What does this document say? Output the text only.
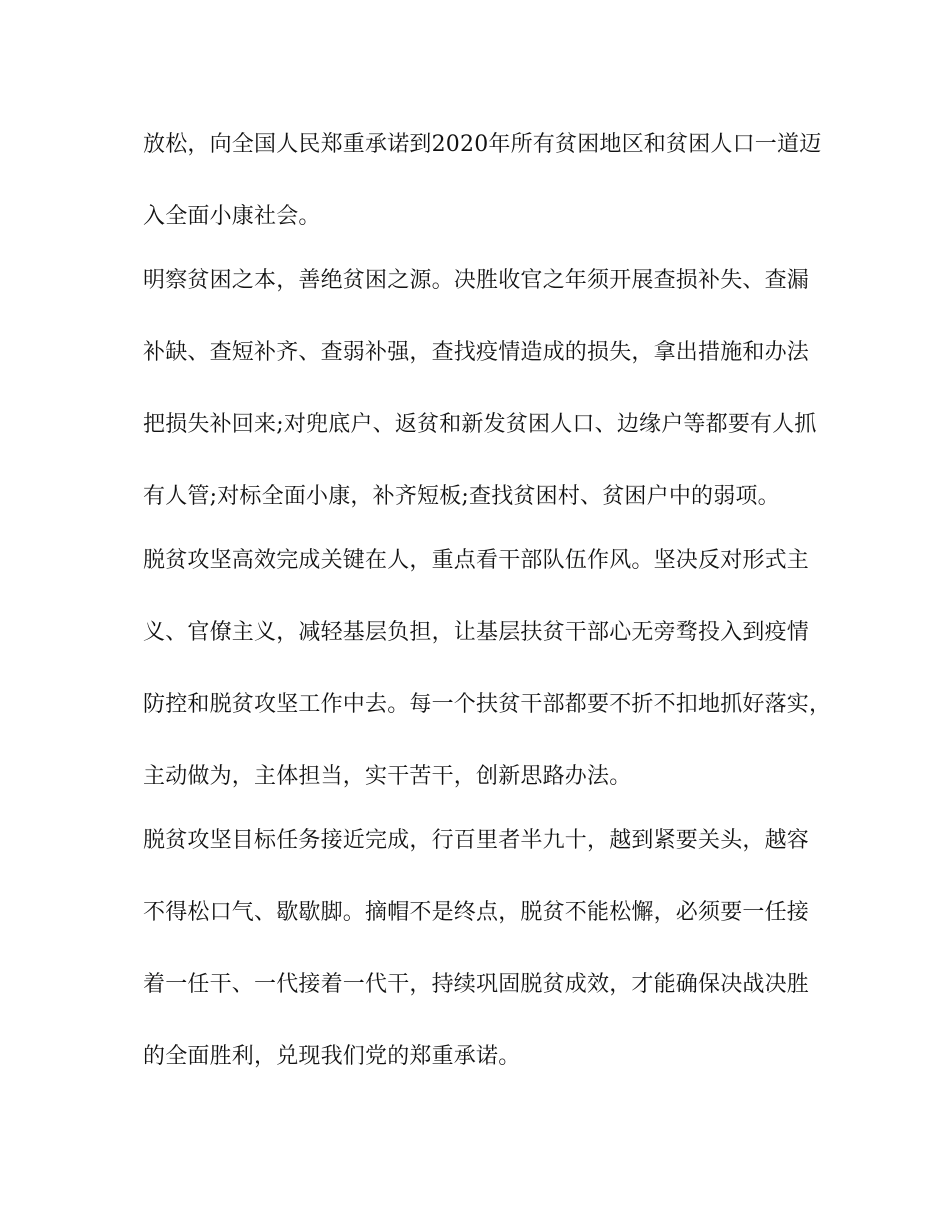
放松，向全国人民郑重承诺到2020年所有贫困地区和贫困人口一道迈
入全面小康社会。
明察贫困之本，善绝贫困之源。决胜收官之年须开展查损补失、查漏
补缺、查短补齐、查弱补强，查找疫情造成的损失，拿出措施和办法
把损失补回来;对兜底户、返贫和新发贫困人口、边缘户等都要有人抓
有人管;对标全面小康，补齐短板;查找贫困村、贫困户中的弱项。
脱贫攻坚高效完成关键在人，重点看干部队伍作风。坚决反对形式主
义、官僚主义，减轻基层负担，让基层扶贫干部心无旁骛投入到疫情
防控和脱贫攻坚工作中去。每一个扶贫干部都要不折不扣地抓好落实，
主动做为，主体担当，实干苦干，创新思路办法。
脱贫攻坚目标任务接近完成，行百里者半九十，越到紧要关头，越容
不得松口气、歇歇脚。摘帽不是终点，脱贫不能松懈，必须要一任接
着一任干、一代接着一代干，持续巩固脱贫成效，才能确保决战决胜
的全面胜利，兑现我们党的郑重承诺。
